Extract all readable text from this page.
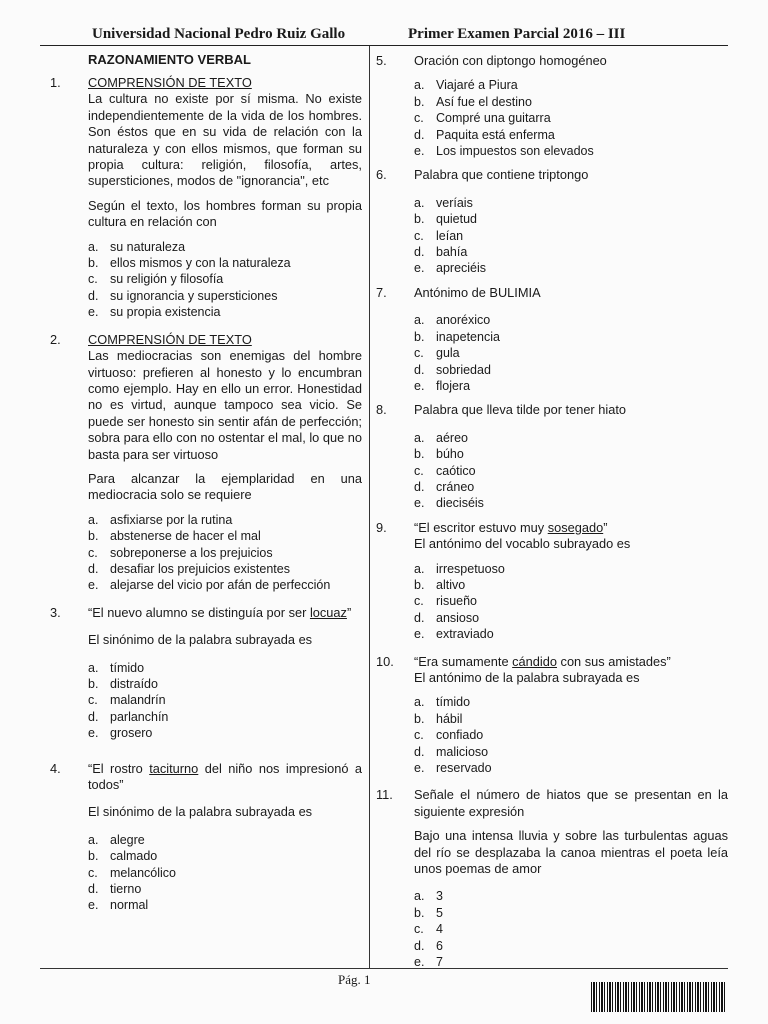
Universidad Nacional Pedro Ruiz Gallo	Primer Examen Parcial 2016 – III
RAZONAMIENTO VERBAL
1.	COMPRENSIÓN DE TEXTO

La cultura no existe por sí misma. No existe independientemente de la vida de los hombres. Son éstos que en su vida de relación con la naturaleza y con ellos mismos, que forman su propia cultura: religión, filosofía, artes, supersticiones, modos de "ignorancia", etc

Según el texto, los hombres forman su propia cultura en relación con

a. su naturaleza
b. ellos mismos y con la naturaleza
c. su religión y filosofía
d. su ignorancia y supersticiones
e. su propia existencia
2.	COMPRENSIÓN DE TEXTO

Las mediocracias son enemigas del hombre virtuoso: prefieren al honesto y lo encumbran como ejemplo. Hay en ello un error. Honestidad no es virtud, aunque tampoco sea vicio. Se puede ser honesto sin sentir afán de perfección; sobra para ello con no ostentar el mal, lo que no basta para ser virtuoso

Para alcanzar la ejemplaridad en una mediocracia solo se requiere

a. asfixiarse por la rutina
b. abstenerse de hacer el mal
c. sobreponerse a los prejuicios
d. desafiar los prejuicios existentes
e. alejarse del vicio por afán de perfección
3.	“El nuevo alumno se distinguía por ser locuaz”

El sinónimo de la palabra subrayada es

a. tímido
b. distraído
c. malandrín
d. parlanchín
e. grosero
4.	“El rostro taciturno del niño nos impresionó a todos”

El sinónimo de la palabra subrayada es

a. alegre
b. calmado
c. melancólico
d. tierno
e. normal
5.	Oración con diptongo homogéneo

a. Viajaré a Piura
b. Así fue el destino
c. Compré una guitarra
d. Paquita está enferma
e. Los impuestos son elevados
6.	Palabra que contiene triptongo

a. veríais
b. quietud
c. leían
d. bahía
e. apreciéis
7.	Antónimo de BULIMIA

a. anoréxico
b. inapetencia
c. gula
d. sobriedad
e. flojera
8.	Palabra que lleva tilde por tener hiato

a. aéreo
b. búho
c. caótico
d. cráneo
e. dieciséis
9.	“El escritor estuvo muy sosegado”

El antónimo del vocablo subrayado es

a. irrespetuoso
b. altivo
c. risueño
d. ansioso
e. extraviado
10.	“Era sumamente cándido con sus amistades”

El antónimo de la palabra subrayada es

a. tímido
b. hábil
c. confiado
d. malicioso
e. reservado
11.	Señale el número de hiatos que se presentan en la siguiente expresión

Bajo una intensa lluvia y sobre las turbulentas aguas del río se desplazaba la canoa mientras el poeta leía unos poemas de amor

a. 3
b. 5
c. 4
d. 6
e. 7
Pág. 1
